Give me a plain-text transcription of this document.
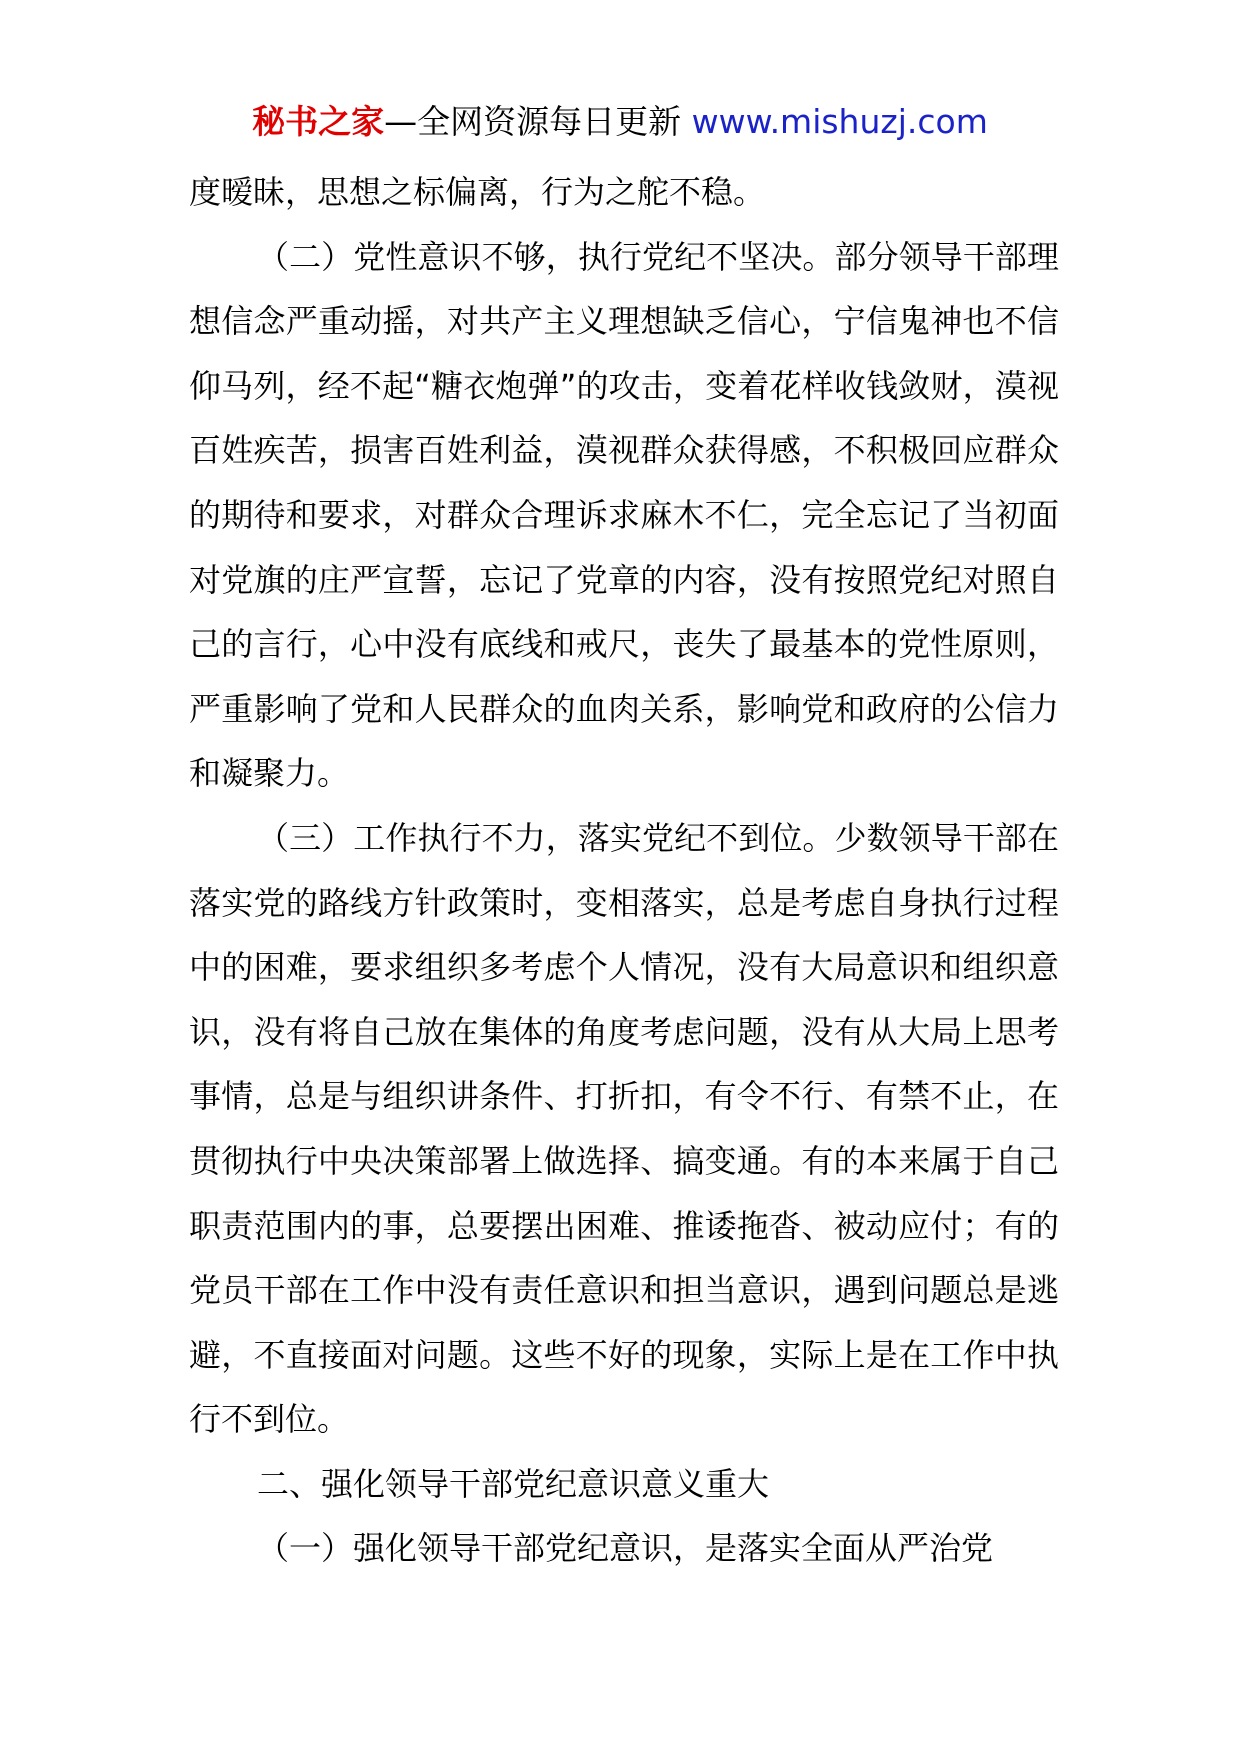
秘书之家—全网资源每日更新 www.mishuzj.com

度暧昧，思想之标偏离，行为之舵不稳。

（二）党性意识不够，执行党纪不坚决。部分领导干部理想信念严重动摇，对共产主义理想缺乏信心，宁信鬼神也不信仰马列，经不起“糖衣炮弹”的攻击，变着花样收钱敛财，漠视百姓疾苦，损害百姓利益，漠视群众获得感，不积极回应群众的期待和要求，对群众合理诉求麻木不仁，完全忘记了当初面对党旗的庄严宣誓，忘记了党章的内容，没有按照党纪对照自己的言行，心中没有底线和戒尺，丧失了最基本的党性原则，严重影响了党和人民群众的血肉关系，影响党和政府的公信力和凝聚力。

（三）工作执行不力，落实党纪不到位。少数领导干部在落实党的路线方针政策时，变相落实，总是考虑自身执行过程中的困难，要求组织多考虑个人情况，没有大局意识和组织意识，没有将自己放在集体的角度考虑问题，没有从大局上思考事情，总是与组织讲条件、打折扣，有令不行、有禁不止，在贯彻执行中央决策部署上做选择、搞变通。有的本来属于自己职责范围内的事，总要摆出困难、推诿拖沓、被动应付；有的党员干部在工作中没有责任意识和担当意识，遇到问题总是逃避，不直接面对问题。这些不好的现象，实际上是在工作中执行不到位。

二、强化领导干部党纪意识意义重大

（一）强化领导干部党纪意识，是落实全面从严治党
